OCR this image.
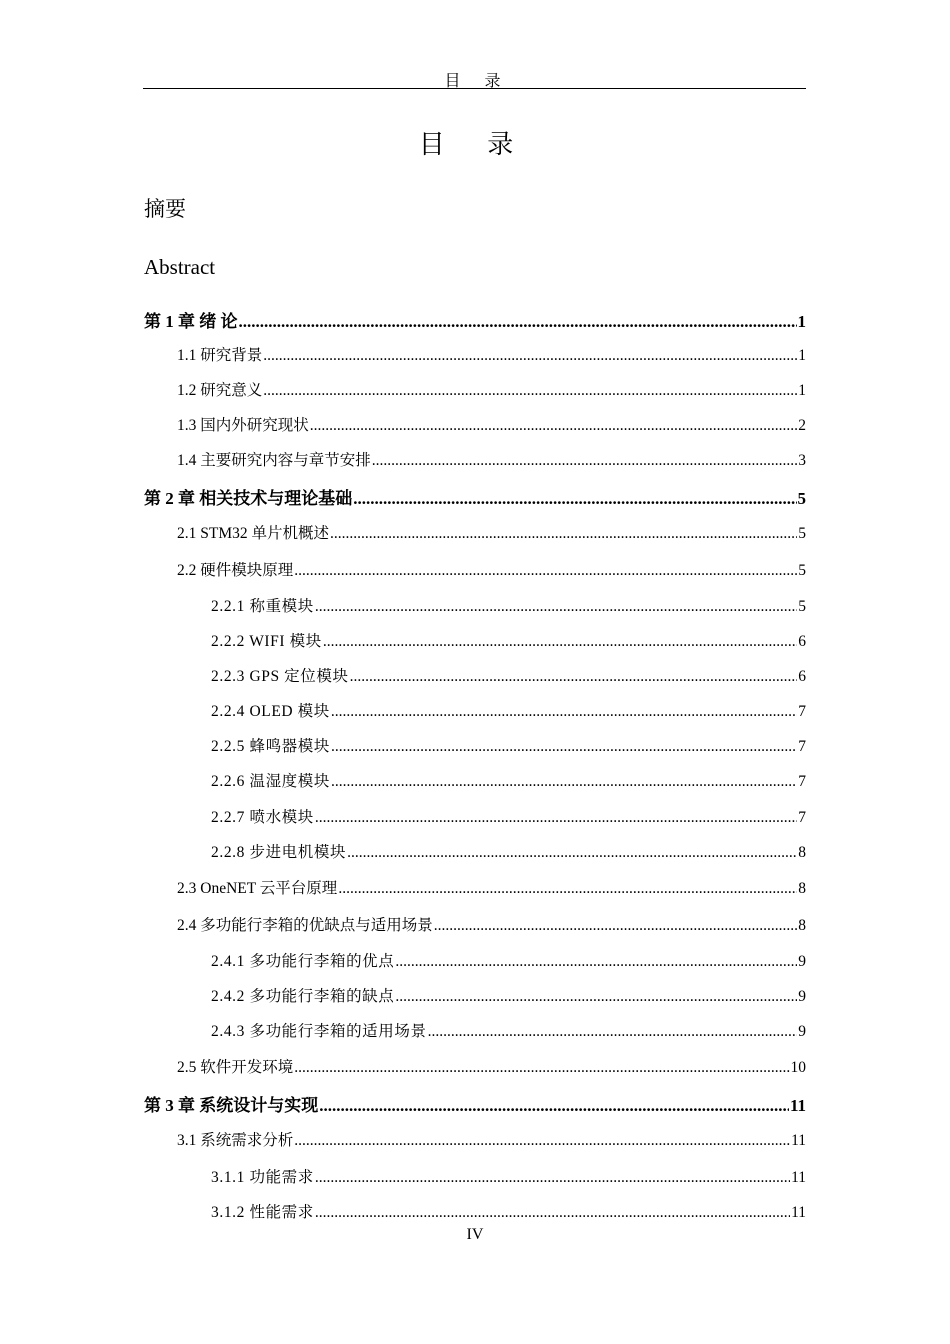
目　录
目 录
摘要
Abstract
第 1 章 绪 论 .....	1
1.1 研究背景 .....	1
1.2 研究意义 .....	1
1.3 国内外研究现状 .....	2
1.4 主要研究内容与章节安排 .....	3
第 2 章 相关技术与理论基础 .....	5
2.1 STM32 单片机概述 .....	5
2.2 硬件模块原理 .....	5
2.2.1 称重模块 .....	5
2.2.2 WIFI 模块 .....	6
2.2.3 GPS 定位模块 .....	6
2.2.4 OLED 模块 .....	7
2.2.5 蜂鸣器模块 .....	7
2.2.6 温湿度模块 .....	7
2.2.7 喷水模块 .....	7
2.2.8 步进电机模块 .....	8
2.3 OneNET 云平台原理 .....	8
2.4 多功能行李箱的优缺点与适用场景 .....	8
2.4.1 多功能行李箱的优点 .....	9
2.4.2 多功能行李箱的缺点 .....	9
2.4.3 多功能行李箱的适用场景 .....	9
2.5 软件开发环境 .....	10
第 3 章 系统设计与实现 .....	11
3.1 系统需求分析 .....	11
3.1.1 功能需求 .....	11
3.1.2 性能需求 .....	11
IV
